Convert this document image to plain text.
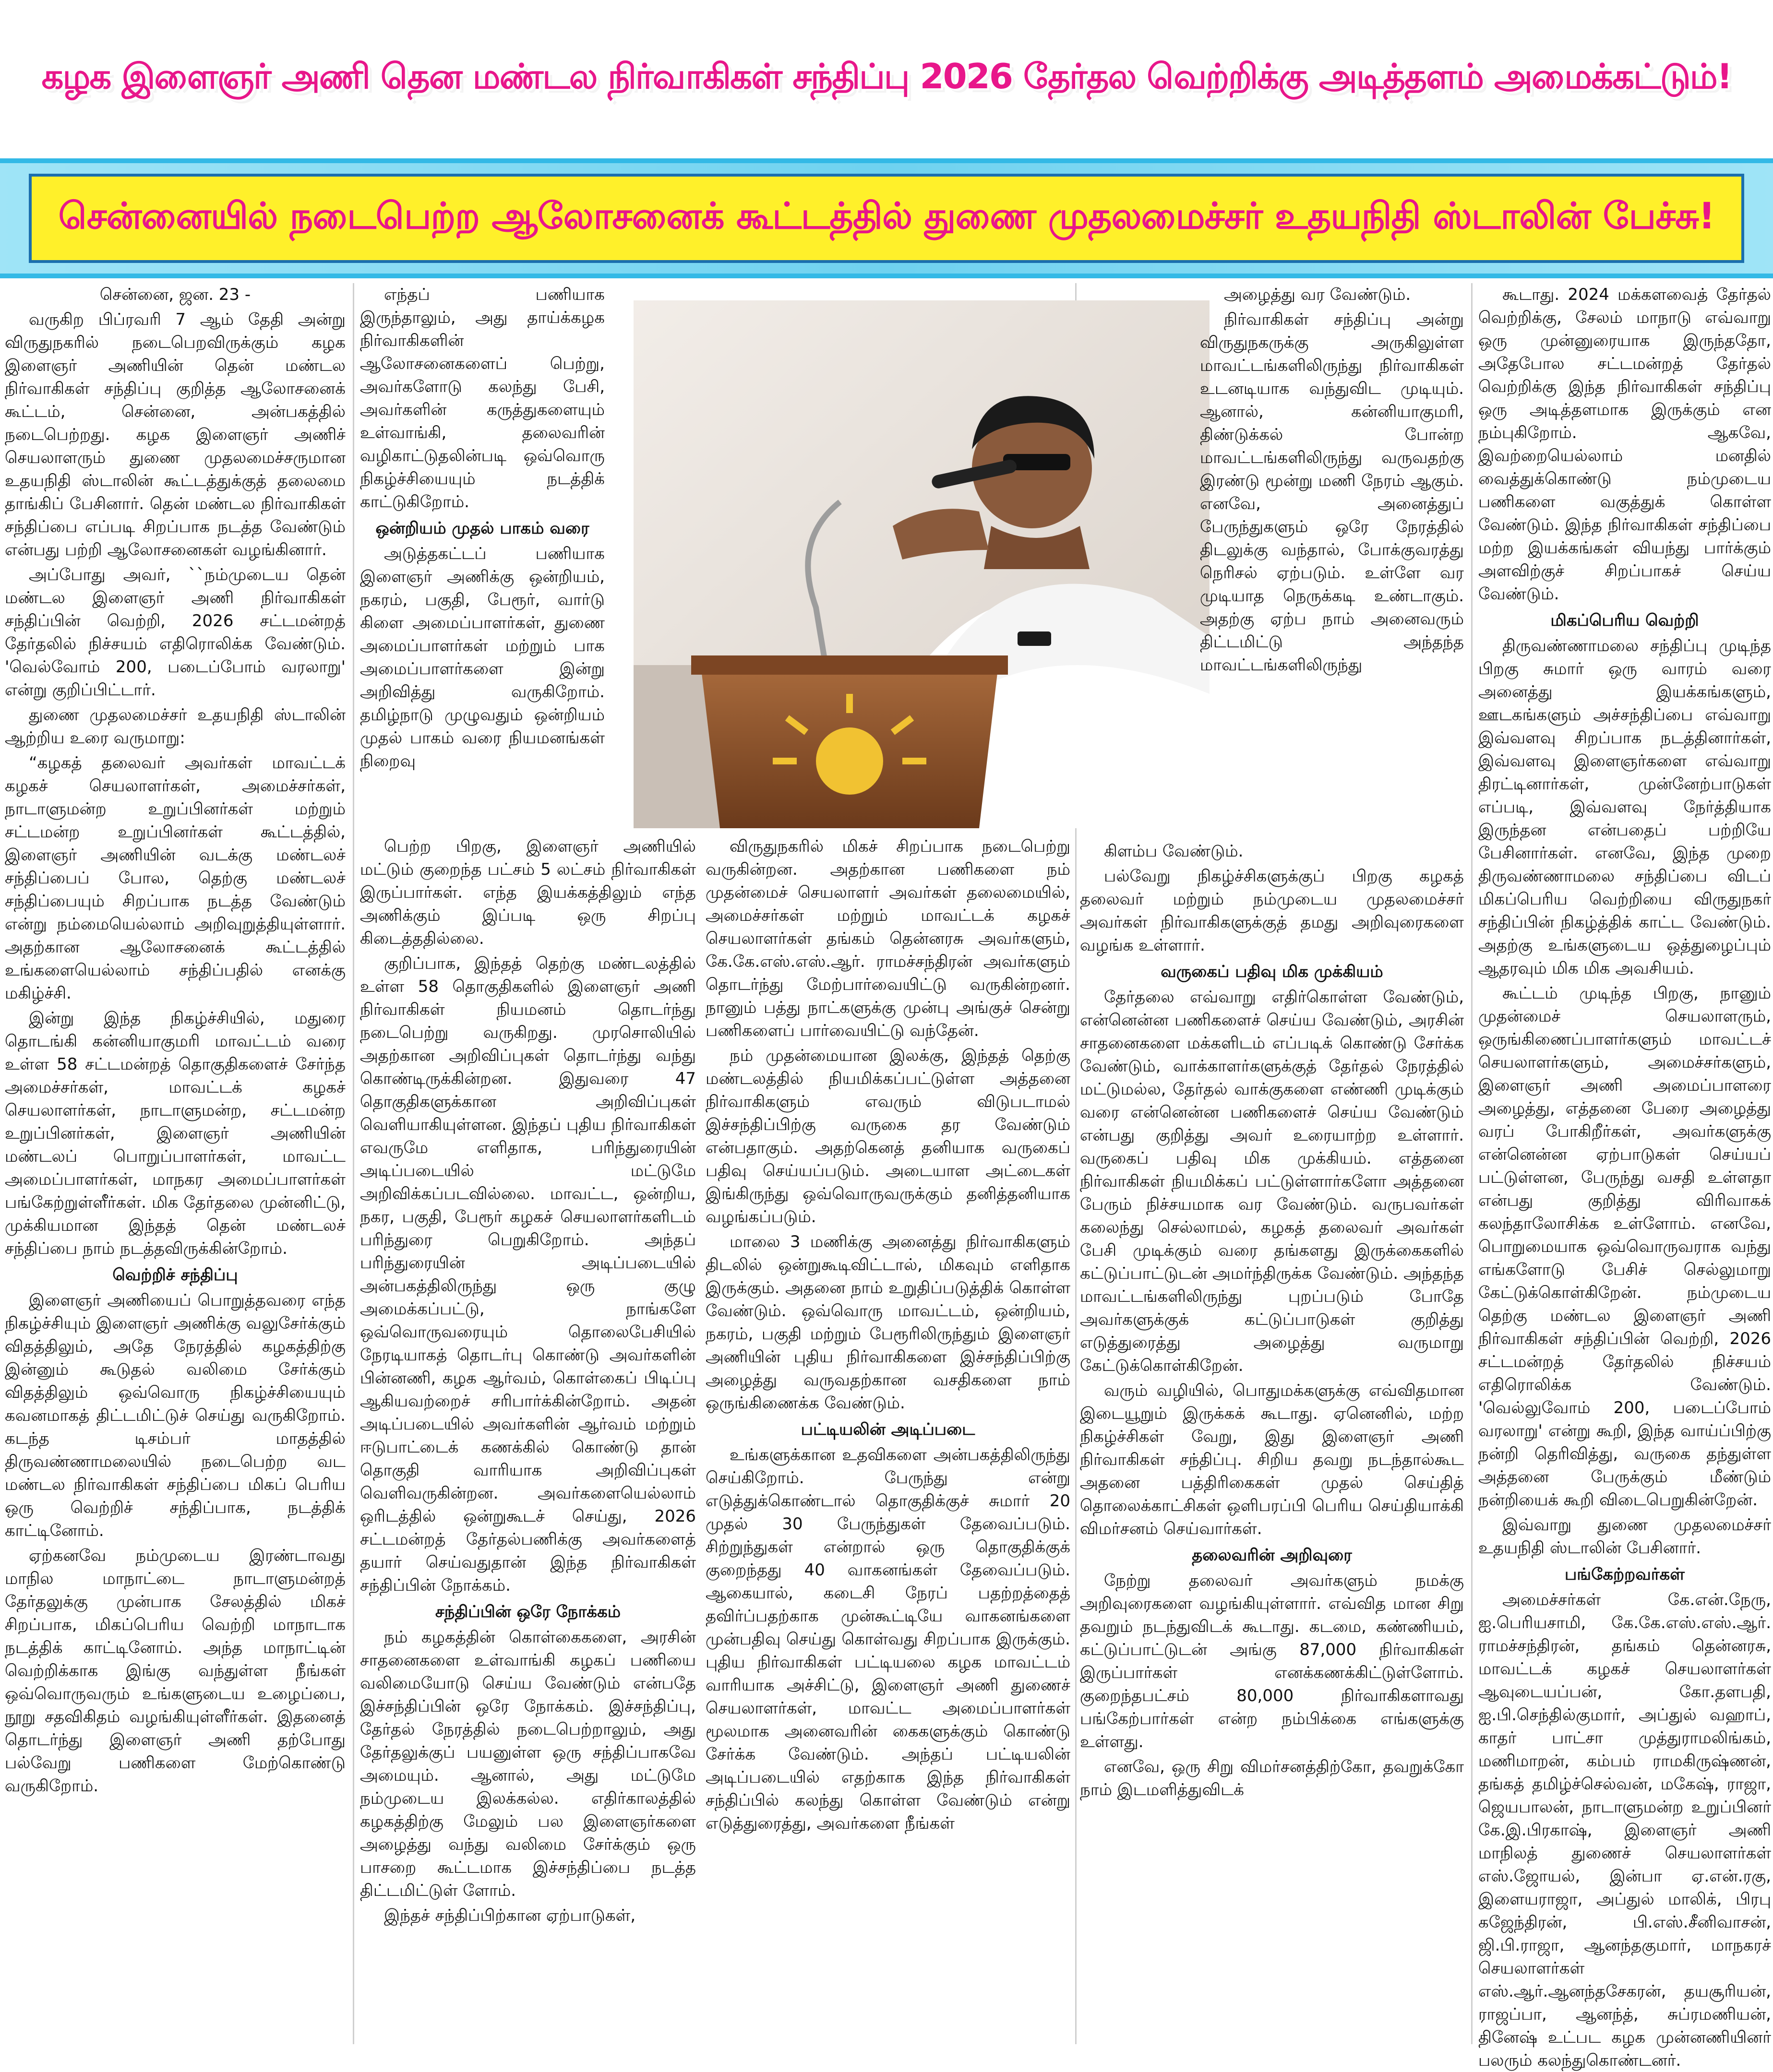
கழக இளைஞர் அணி தென மண்டல நிர்வாகிகள் சந்திப்பு 2026 தேர்தல வெற்றிக்கு அடித்தளம் அமைக்கட்டும்!
சென்னையில் நடைபெற்ற ஆலோசனைக் கூட்டத்தில் துணை முதலமைச்சர் உதயநிதி ஸ்டாலின் பேச்சு!

சென்னை, ஜன. 23 -

வருகிற பிப்ரவரி 7 ஆம் தேதி அன்று விருதுநகரில் நடைபெறவிருக்கும் கழக இளைஞர் அணியின் தென் மண்டல நிர்வாகிகள் சந்திப்பு குறித்த ஆலோசனைக் கூட்டம், சென்னை, அன்பகத்தில் நடைபெற்றது. கழக இளைஞர் அணிச் செயலாளரும் துணை முதலமைச்சருமான உதயநிதி ஸ்டாலின் கூட்டத்துக்குத் தலைமை தாங்கிப் பேசினார். தென் மண்டல நிர்வாகிகள் சந்திப்பை எப்படி சிறப்பாக நடத்த வேண்டும் என்பது பற்றி ஆலோசனைகள் வழங்கினார்.

அப்போது அவர், ``நம்முடைய தென் மண்டல இளைஞர் அணி நிர்வாகிகள் சந்திப்பின் வெற்றி, 2026 சட்டமன்றத் தேர்தலில் நிச்சயம் எதிரொலிக்க வேண்டும். 'வெல்வோம் 200, படைப்போம் வரலாறு' என்று குறிப்பிட்டார்.

துணை முதலமைச்சர் உதயநிதி ஸ்டாலின் ஆற்றிய உரை வருமாறு:

“கழகத் தலைவர் அவர்கள் மாவட்டக் கழகச் செயலாளர்கள், அமைச்சர்கள், நாடாளுமன்ற உறுப்பினர்கள் மற்றும் சட்டமன்ற உறுப்பினர்கள் கூட்டத்தில், இளைஞர் அணியின் வடக்கு மண்டலச் சந்திப்பைப் போல, தெற்கு மண்டலச் சந்திப்பையும் சிறப்பாக நடத்த வேண்டும் என்று நம்மையெல்லாம் அறிவுறுத்தியுள்ளார். அதற்கான ஆலோசனைக் கூட்டத்தில் உங்களையெல்லாம் சந்திப்பதில் எனக்கு மகிழ்ச்சி.

இன்று இந்த நிகழ்ச்சியில், மதுரை தொடங்கி கன்னியாகுமரி மாவட்டம் வரை உள்ள 58 சட்டமன்றத் தொகுதிகளைச் சேர்ந்த அமைச்சர்கள், மாவட்டக் கழகச் செயலாளர்கள், நாடாளுமன்ற, சட்டமன்ற உறுப்பினர்கள், இளைஞர் அணியின் மண்டலப் பொறுப்பாளர்கள், மாவட்ட அமைப்பாளர்கள், மாநகர அமைப்பாளர்கள் பங்கேற்றுள்ளீர்கள். மிக தேர்தலை முன்னிட்டு, முக்கியமான இந்தத் தென் மண்டலச் சந்திப்பை நாம் நடத்தவிருக்கின்றோம்.

வெற்றிச் சந்திப்பு

இளைஞர் அணியைப் பொறுத்தவரை எந்த நிகழ்ச்சியும் இளைஞர் அணிக்கு வலுசேர்க்கும் விதத்திலும், அதே நேரத்தில் கழகத்திற்கு இன்னும் கூடுதல் வலிமை சேர்க்கும் விதத்திலும் ஒவ்வொரு நிகழ்ச்சியையும் கவனமாகத் திட்டமிட்டுச் செய்து வருகிறோம். கடந்த டிசம்பர் மாதத்தில் திருவண்ணாமலையில் நடைபெற்ற வட மண்டல நிர்வாகிகள் சந்திப்பை மிகப் பெரிய ஒரு வெற்றிச் சந்திப்பாக, நடத்திக் காட்டினோம்.

ஏற்கனவே நம்முடைய இரண்டாவது மாநில மாநாட்டை நாடாளுமன்றத் தேர்தலுக்கு முன்பாக சேலத்தில் மிகச் சிறப்பாக, மிகப்பெரிய வெற்றி மாநாடாக நடத்திக் காட்டினோம். அந்த மாநாட்டின் வெற்றிக்காக இங்கு வந்துள்ள நீங்கள் ஒவ்வொருவரும் உங்களுடைய உழைப்பை, நூறு சதவிகிதம் வழங்கியுள்ளீர்கள். இதனைத் தொடர்ந்து இளைஞர் அணி தற்போது பல்வேறு பணிகளை மேற்கொண்டு வருகிறோம்.

எந்தப் பணியாக இருந்தாலும், அது தாய்க்கழக நிர்வாகிகளின் ஆலோசனைகளைப் பெற்று, அவர்களோடு கலந்து பேசி, அவர்களின் கருத்துகளையும் உள்வாங்கி, தலைவரின் வழிகாட்டுதலின்படி ஒவ்வொரு நிகழ்ச்சியையும் நடத்திக் காட்டுகிறோம்.

ஒன்றியம் முதல் பாகம் வரை

அடுத்தகட்டப் பணியாக இளைஞர் அணிக்கு ஒன்றியம், நகரம், பகுதி, பேரூர், வார்டு கிளை அமைப்பாளர்கள், துணை அமைப்பாளர்கள் மற்றும் பாக அமைப்பாளர்களை இன்று அறிவித்து வருகிறோம். தமிழ்நாடு முழுவதும் ஒன்றியம் முதல் பாகம் வரை நியமனங்கள் நிறைவு

பெற்ற பிறகு, இளைஞர் அணியில் மட்டும் குறைந்த பட்சம் 5 லட்சம் நிர்வாகிகள் இருப்பார்கள். எந்த இயக்கத்திலும் எந்த அணிக்கும் இப்படி ஒரு சிறப்பு கிடைத்ததில்லை.

குறிப்பாக, இந்தத் தெற்கு மண்டலத்தில் உள்ள 58 தொகுதிகளில் இளைஞர் அணி நிர்வாகிகள் நியமனம் தொடர்ந்து நடைபெற்று வருகிறது. முரசொலியில் அதற்கான அறிவிப்புகள் தொடர்ந்து வந்து கொண்டிருக்கின்றன. இதுவரை 47 தொகுதிகளுக்கான அறிவிப்புகள் வெளியாகியுள்ளன. இந்தப் புதிய நிர்வாகிகள் எவருமே எளிதாக, பரிந்துரையின் அடிப்படையில் மட்டுமே அறிவிக்கப்படவில்லை. மாவட்ட, ஒன்றிய, நகர, பகுதி, பேரூர் கழகச் செயலாளர்களிடம் பரிந்துரை பெறுகிறோம். அந்தப் பரிந்துரையின் அடிப்படையில் அன்பகத்திலிருந்து ஒரு குழு அமைக்கப்பட்டு, நாங்களே ஒவ்வொருவரையும் தொலைபேசியில் நேரடியாகத் தொடர்பு கொண்டு அவர்களின் பின்னணி, கழக ஆர்வம், கொள்கைப் பிடிப்பு ஆகியவற்றைச் சரிபார்க்கின்றோம். அதன் அடிப்படையில் அவர்களின் ஆர்வம் மற்றும் ஈடுபாட்டைக் கணக்கில் கொண்டு தான் தொகுதி வாரியாக அறிவிப்புகள் வெளிவருகின்றன. அவர்களையெல்லாம் ஒரிடத்தில் ஒன்றுகூடச் செய்து, 2026 சட்டமன்றத் தேர்தல்பணிக்கு அவர்களைத் தயார் செய்வதுதான் இந்த நிர்வாகிகள் சந்திப்பின் நோக்கம்.

சந்திப்பின் ஒரே நோக்கம்

நம் கழகத்தின் கொள்கைகளை, அரசின் சாதனைகளை உள்வாங்கி கழகப் பணியை வலிமையோடு செய்ய வேண்டும் என்பதே இச்சந்திப்பின் ஒரே நோக்கம். இச்சந்திப்பு, தேர்தல் நேரத்தில் நடைபெற்றாலும், அது தேர்தலுக்குப் பயனுள்ள ஒரு சந்திப்பாகவே அமையும். ஆனால், அது மட்டுமே நம்முடைய இலக்கல்ல. எதிர்காலத்தில் கழகத்திற்கு மேலும் பல இளைஞர்களை அழைத்து வந்து வலிமை சேர்க்கும் ஒரு பாசறை கூட்டமாக இச்சந்திப்பை நடத்த திட்டமிட்டுள் ளோம்.

இந்தச் சந்திப்பிற்கான ஏற்பாடுகள்,

விருதுநகரில் மிகச் சிறப்பாக நடைபெற்று வருகின்றன. அதற்கான பணிகளை நம் முதன்மைச் செயலாளர் அவர்கள் தலைமையில், அமைச்சர்கள் மற்றும் மாவட்டக் கழகச் செயலாளர்கள் தங்கம் தென்னரசு அவர்களும், கே.கே.எஸ்.எஸ்.ஆர். ராமச்சந்திரன் அவர்களும் தொடர்ந்து மேற்பார்வையிட்டு வருகின்றனர். நானும் பத்து நாட்களுக்கு முன்பு அங்குச் சென்று பணிகளைப் பார்வையிட்டு வந்தேன்.

நம் முதன்மையான இலக்கு, இந்தத் தெற்கு மண்டலத்தில் நியமிக்கப்பட்டுள்ள அத்தனை நிர்வாகிகளும் எவரும் விடுபடாமல் இச்சந்திப்பிற்கு வருகை தர வேண்டும் என்பதாகும். அதற்கெனத் தனியாக வருகைப் பதிவு செய்யப்படும். அடையாள அட்டைகள் இங்கிருந்து ஒவ்வொருவருக்கும் தனித்தனியாக வழங்கப்படும்.

மாலை 3 மணிக்கு அனைத்து நிர்வாகிகளும் திடலில் ஒன்றுகூடிவிட்டால், மிகவும் எளிதாக இருக்கும். அதனை நாம் உறுதிப்படுத்திக் கொள்ள வேண்டும். ஒவ்வொரு மாவட்டம், ஒன்றியம், நகரம், பகுதி மற்றும் பேரூரிலிருந்தும் இளைஞர் அணியின் புதிய நிர்வாகிகளை இச்சந்திப்பிற்கு அழைத்து வருவதற்கான வசதிகளை நாம் ஒருங்கிணைக்க வேண்டும்.

பட்டியலின் அடிப்படை

உங்களுக்கான உதவிகளை அன்பகத்திலிருந்து செய்கிறோம். பேருந்து என்று எடுத்துக்கொண்டால் தொகுதிக்குச் சுமார் 20 முதல் 30 பேருந்துகள் தேவைப்படும். சிற்றுந்துகள் என்றால் ஒரு தொகுதிக்குக் குறைந்தது 40 வாகனங்கள் தேவைப்படும். ஆகையால், கடைசி நேரப் பதற்றத்தைத் தவிர்ப்பதற்காக முன்கூட்டியே வாகனங்களை முன்பதிவு செய்து கொள்வது சிறப்பாக இருக்கும். புதிய நிர்வாகிகள் பட்டியலை கழக மாவட்டம் வாரியாக அச்சிட்டு, இளைஞர் அணி துணைச் செயலாளர்கள், மாவட்ட அமைப்பாளர்கள் மூலமாக அனைவரின் கைகளுக்கும் கொண்டு சேர்க்க வேண்டும். அந்தப் பட்டியலின் அடிப்படையில் எதற்காக இந்த நிர்வாகிகள் சந்திப்பில் கலந்து கொள்ள வேண்டும் என்று எடுத்துரைத்து, அவர்களை நீங்கள்

அழைத்து வர வேண்டும்.

நிர்வாகிகள் சந்திப்பு அன்று விருதுநகருக்கு அருகிலுள்ள மாவட்டங்களிலிருந்து நிர்வாகிகள் உடனடியாக வந்துவிட முடியும். ஆனால், கன்னியாகுமரி, திண்டுக்கல் போன்ற மாவட்டங்களிலிருந்து வருவதற்கு இரண்டு மூன்று மணி நேரம் ஆகும். எனவே, அனைத்துப் பேருந்துகளும் ஒரே நேரத்தில் திடலுக்கு வந்தால், போக்குவரத்து நெரிசல் ஏற்படும். உள்ளே வர முடியாத நெருக்கடி உண்டாகும். அதற்கு ஏற்ப நாம் அனைவரும் திட்டமிட்டு அந்தந்த மாவட்டங்களிலிருந்து

கிளம்ப வேண்டும்.

பல்வேறு நிகழ்ச்சிகளுக்குப் பிறகு கழகத் தலைவர் மற்றும் நம்முடைய முதலமைச்சர் அவர்கள் நிர்வாகிகளுக்குத் தமது அறிவுரைகளை வழங்க உள்ளார்.

வருகைப் பதிவு மிக முக்கியம்

தேர்தலை எவ்வாறு எதிர்கொள்ள வேண்டும், என்னென்ன பணிகளைச் செய்ய வேண்டும், அரசின் சாதனைகளை மக்களிடம் எப்படிக் கொண்டு சேர்க்க வேண்டும், வாக்காளர்களுக்குத் தேர்தல் நேரத்தில் மட்டுமல்ல, தேர்தல் வாக்குகளை எண்ணி முடிக்கும் வரை என்னென்ன பணிகளைச் செய்ய வேண்டும் என்பது குறித்து அவர் உரையாற்ற உள்ளார். வருகைப் பதிவு மிக முக்கியம். எத்தனை நிர்வாகிகள் நியமிக்கப் பட்டுள்ளார்களோ அத்தனை பேரும் நிச்சயமாக வர வேண்டும். வருபவர்கள் கலைந்து செல்லாமல், கழகத் தலைவர் அவர்கள் பேசி முடிக்கும் வரை தங்களது இருக்கைகளில் கட்டுப்பாட்டுடன் அமர்ந்திருக்க வேண்டும். அந்தந்த மாவட்டங்களிலிருந்து புறப்படும் போதே அவர்களுக்குக் கட்டுப்பாடுகள் குறித்து எடுத்துரைத்து அழைத்து வருமாறு கேட்டுக்கொள்கிறேன்.

வரும் வழியில், பொதுமக்களுக்கு எவ்விதமான இடையூறும் இருக்கக் கூடாது. ஏனெனில், மற்ற நிகழ்ச்சிகள் வேறு, இது இளைஞர் அணி நிர்வாகிகள் சந்திப்பு. சிறிய தவறு நடந்தால்கூட அதனை பத்திரிகைகள் முதல் செய்தித் தொலைக்காட்சிகள் ஒளிபரப்பி பெரிய செய்தியாக்கி விமர்சனம் செய்வார்கள்.

தலைவரின் அறிவுரை

நேற்று தலைவர் அவர்களும் நமக்கு அறிவுரைகளை வழங்கியுள்ளார். எவ்வித மான சிறு தவறும் நடந்துவிடக் கூடாது. கடமை, கண்ணியம், கட்டுப்பாட்டுடன் அங்கு 87,000 நிர்வாகிகள் இருப்பார்கள் எனக்கணக்கிட்டுள்ளோம். குறைந்தபட்சம் 80,000 நிர்வாகிகளாவது பங்கேற்பார்கள் என்ற நம்பிக்கை எங்களுக்கு உள்ளது.

எனவே, ஒரு சிறு விமர்சனத்திற்கோ, தவறுக்கோ நாம் இடமளித்துவிடக்

கூடாது. 2024 மக்களவைத் தேர்தல் வெற்றிக்கு, சேலம் மாநாடு எவ்வாறு ஒரு முன்னுரையாக இருந்ததோ, அதேபோல சட்டமன்றத் தேர்தல் வெற்றிக்கு இந்த நிர்வாகிகள் சந்திப்பு ஒரு அடித்தளமாக இருக்கும் என நம்புகிறோம். ஆகவே, இவற்றையெல்லாம் மனதில் வைத்துக்கொண்டு நம்முடைய பணிகளை வகுத்துக் கொள்ள வேண்டும். இந்த நிர்வாகிகள் சந்திப்பை மற்ற இயக்கங்கள் வியந்து பார்க்கும் அளவிற்குச் சிறப்பாகச் செய்ய வேண்டும்.

மிகப்பெரிய வெற்றி

திருவண்ணாமலை சந்திப்பு முடிந்த பிறகு சுமார் ஒரு வாரம் வரை அனைத்து இயக்கங்களும், ஊடகங்களும் அச்சந்திப்பை எவ்வாறு இவ்வளவு சிறப்பாக நடத்தினார்கள், இவ்வளவு இளைஞர்களை எவ்வாறு திரட்டினார்கள், முன்னேற்பாடுகள் எப்படி, இவ்வளவு நேர்த்தியாக இருந்தன என்பதைப் பற்றியே பேசினார்கள். எனவே, இந்த முறை திருவண்ணாமலை சந்திப்பை விடப் மிகப்பெரிய வெற்றியை விருதுநகர் சந்திப்பின் நிகழ்த்திக் காட்ட வேண்டும். அதற்கு உங்களுடைய ஒத்துழைப்பும் ஆதரவும் மிக மிக அவசியம்.

கூட்டம் முடிந்த பிறகு, நானும் முதன்மைச் செயலாளரும், ஒருங்கிணைப்பாளர்களும் மாவட்டச் செயலாளர்களும், அமைச்சர்களும், இளைஞர் அணி அமைப்பாளரை அழைத்து, எத்தனை பேரை அழைத்து வரப் போகிறீர்கள், அவர்களுக்கு என்னென்ன ஏற்பாடுகள் செய்யப் பட்டுள்ளன, பேருந்து வசதி உள்ளதா என்பது குறித்து விரிவாகக் கலந்தாலோசிக்க உள்ளோம். எனவே, பொறுமையாக ஒவ்வொருவராக வந்து எங்களோடு பேசிச் செல்லுமாறு கேட்டுக்கொள்கிறேன். நம்முடைய தெற்கு மண்டல இளைஞர் அணி நிர்வாகிகள் சந்திப்பின் வெற்றி, 2026 சட்டமன்றத் தேர்தலில் நிச்சயம் எதிரொலிக்க வேண்டும். 'வெல்லுவோம் 200, படைப்போம் வரலாறு' என்று கூறி, இந்த வாய்ப்பிற்கு நன்றி தெரிவித்து, வருகை தந்துள்ள அத்தனை பேருக்கும் மீண்டும் நன்றியைக் கூறி விடைபெறுகின்றேன்.

இவ்வாறு துணை முதலமைச்சர் உதயநிதி ஸ்டாலின் பேசினார்.

பங்கேற்றவர்கள்

அமைச்சர்கள் கே.என்.நேரு, ஐ.பெரியசாமி, கே.கே.எஸ்.எஸ்.ஆர். ராமச்சந்திரன், தங்கம் தென்னரசு, மாவட்டக் கழகச் செயலாளர்கள் ஆவுடையப்பன், கோ.தளபதி, ஐ.பி.செந்தில்குமார், அப்துல் வஹாப், காதர் பாட்சா முத்துராமலிங்கம், மணிமாறன், கம்பம் ராமகிருஷ்ணன், தங்கத் தமிழ்ச்செல்வன், மகேஷ், ராஜா, ஜெயபாலன், நாடாளுமன்ற உறுப்பினர் கே.இ.பிரகாஷ், இளைஞர் அணி மாநிலத் துணைச் செயலாளர்கள் எஸ்.ஜோயல், இன்பா ஏ.என்.ரகு, இளையராஜா, அப்துல் மாலிக், பிரபு கஜேந்திரன், பி.எஸ்.சீனிவாசன், ஜி.பி.ராஜா, ஆனந்தகுமார், மாநகரச் செயலாளர்கள் எஸ்.ஆர்.ஆனந்தசேகரன், தயசூரியன், ராஜப்பா, ஆனந்த், சுப்ரமணியன், தினேஷ் உட்பட கழக முன்னணியினர் பலரும் கலந்துகொண்டனர்.
